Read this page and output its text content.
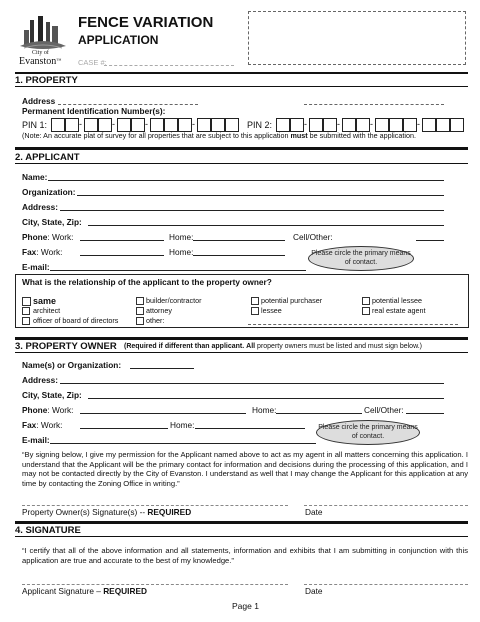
City of
Evanston™
FENCE VARIATION
APPLICATION
CASE #:
1. PROPERTY
Address
Permanent Identification Number(s):
PIN 1:	-	-	-	-	PIN 2:	-	-	-	-
(Note: An accurate plat of survey for all properties that are subject to this application must be submitted with the application.
2. APPLICANT
Name:
Organization:
Address:
City, State, Zip:
Phone: Work:	Home:	Cell/Other:
Fax: Work:	Home:	Please circle the primary means of contact.
E-mail:
What is the relationship of the applicant to the property owner?
same	builder/contractor	potential purchaser	potential lessee
architect	attorney	lessee	real estate agent
officer of board of directors	other:
3. PROPERTY OWNER (Required if different than applicant. All property owners must be listed and must sign below.)
Name(s) or Organization:
Address:
City, State, Zip:
Phone: Work:	Home:	Cell/Other:
Fax: Work:	Home:	Please circle the primary means of contact.
E-mail:
“By signing below, I give my permission for the Applicant named above to act as my agent in all matters concerning this application. I understand that the Applicant will be the primary contact for information and decisions during the processing of this application, and I may not be contacted directly by the City of Evanston. I understand as well that I may change the Applicant for this application at any time by contacting the Zoning Office in writing.”
Property Owner(s) Signature(s) -- REQUIRED	Date
4. SIGNATURE
“I certify that all of the above information and all statements, information and exhibits that I am submitting in conjunction with this application are true and accurate to the best of my knowledge.”
Applicant Signature – REQUIRED	Date
Page 1
